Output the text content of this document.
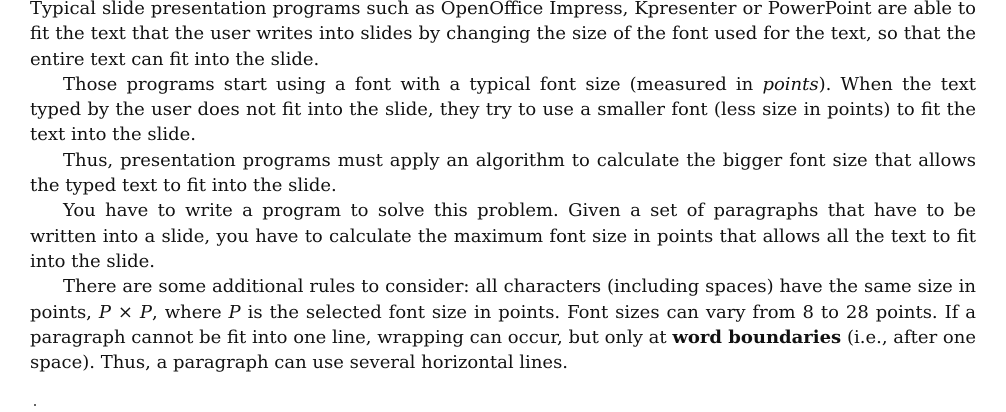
Typical slide presentation programs such as OpenOffice Impress, Kpresenter or PowerPoint are able to fit the text that the user writes into slides by changing the size of the font used for the text, so that the entire text can fit into the slide.

Those programs start using a font with a typical font size (measured in points). When the text typed by the user does not fit into the slide, they try to use a smaller font (less size in points) to fit the text into the slide.

Thus, presentation programs must apply an algorithm to calculate the bigger font size that allows the typed text to fit into the slide.

You have to write a program to solve this problem. Given a set of paragraphs that have to be written into a slide, you have to calculate the maximum font size in points that allows all the text to fit into the slide.

There are some additional rules to consider: all characters (including spaces) have the same size in points, P × P, where P is the selected font size in points. Font sizes can vary from 8 to 28 points. If a paragraph cannot be fit into one line, wrapping can occur, but only at word boundaries (i.e., after one space). Thus, a paragraph can use several horizontal lines.
